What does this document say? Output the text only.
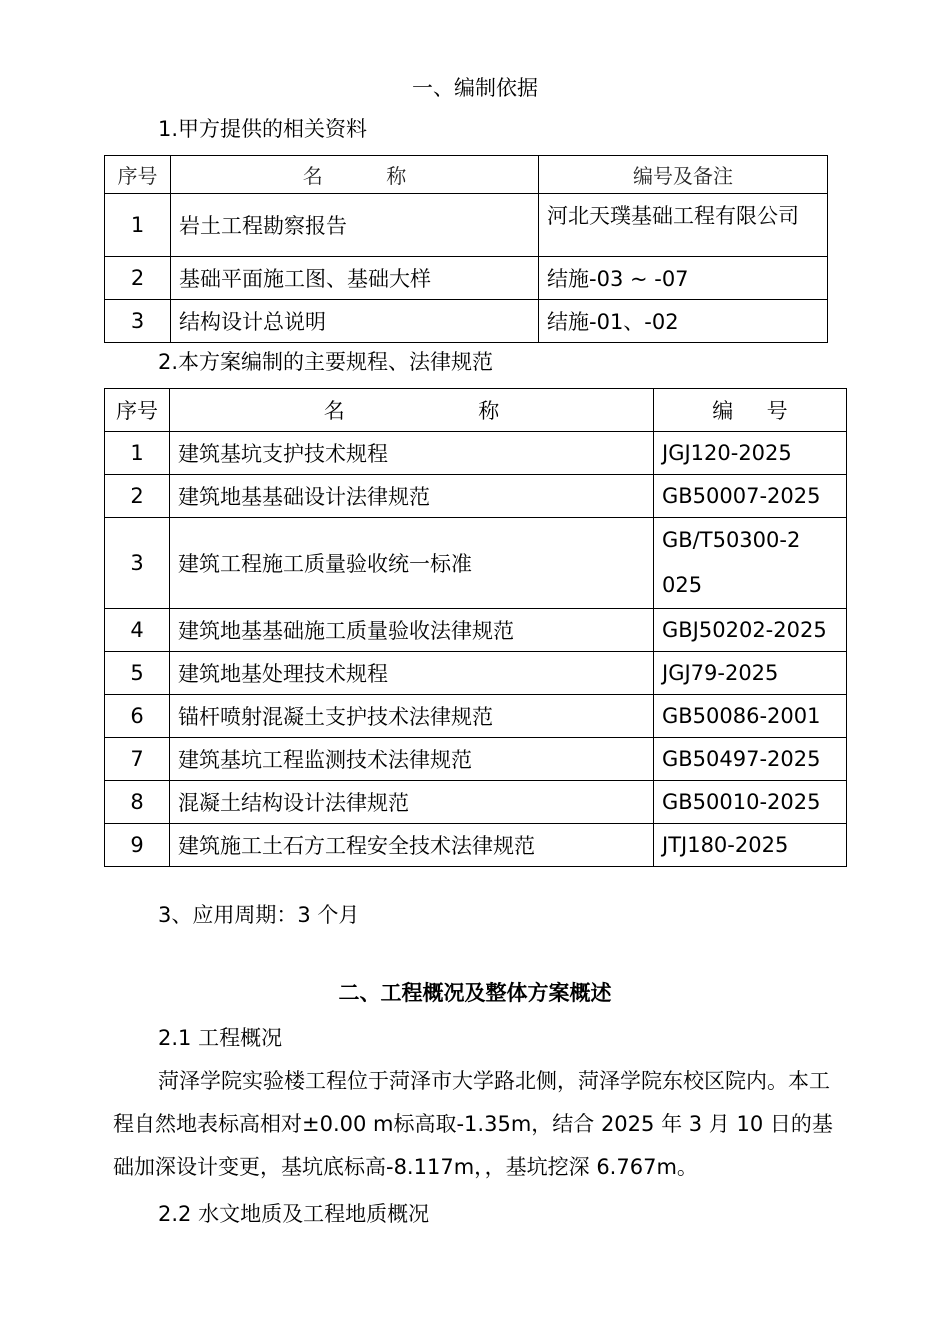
一、编制依据
1.甲方提供的相关资料
序号	名          称	编号及备注
1	岩土工程勘察报告	河北天璞基础工程有限公司
2	基础平面施工图、基础大样	结施-03 ~ -07
3	结构设计总说明	结施-01、-02
2.本方案编制的主要规程、法律规范
序号	名                    称	编     号
1	建筑基坑支护技术规程	JGJ120-2025
2	建筑地基基础设计法律规范	GB50007-2025
3	建筑工程施工质量验收统一标准	GB/T50300-2025

4	建筑地基基础施工质量验收法律规范	GBJ50202-2025
5	建筑地基处理技术规程	JGJ79-2025
6	锚杆喷射混凝土支护技术法律规范	GB50086-2001
7	建筑基坑工程监测技术法律规范	GB50497-2025
8	混凝土结构设计法律规范	GB50010-2025
9	建筑施工土石方工程安全技术法律规范	JTJ180-2025
3、应用周期：3 个月
二、工程概况及整体方案概述
2.1 工程概况
菏泽学院实验楼工程位于菏泽市大学路北侧，菏泽学院东校区院内。本工程自然地表标高相对±0.00 m标高取-1.35m，结合 2025 年 3 月 10 日的基础加深设计变更，基坑底标高-8.117m，，基坑挖深 6.767m。
2.2 水文地质及工程地质概况
